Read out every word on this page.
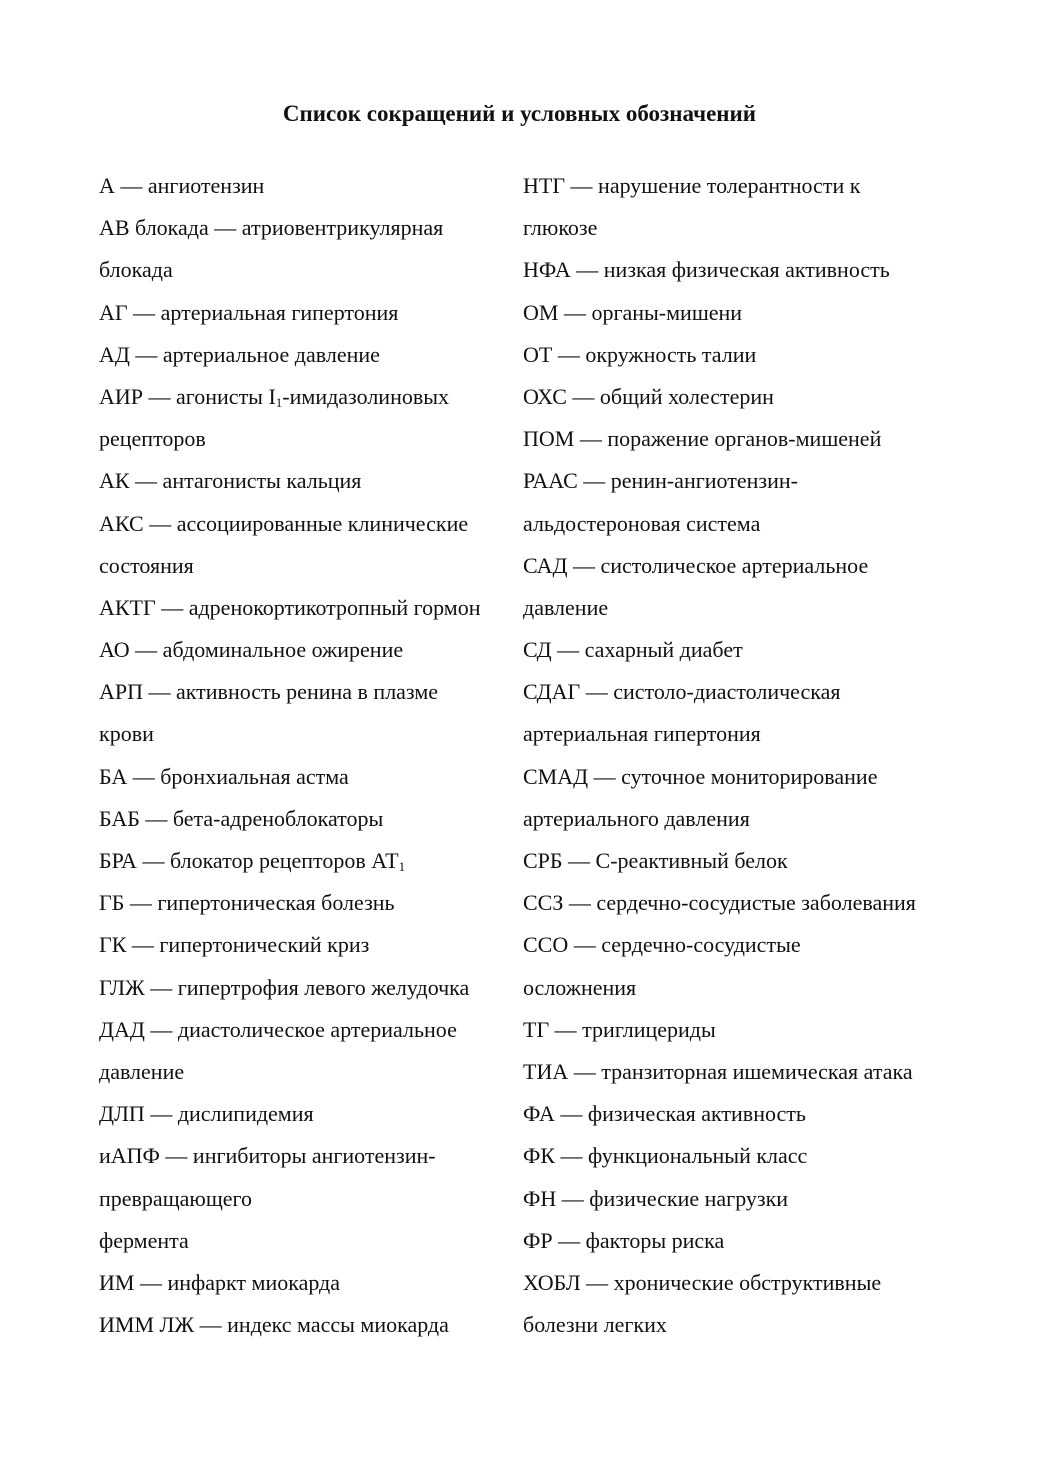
Список сокращений и условных обозначений
А — ангиотензин
АВ блокада — атриовентрикулярная
блокада
АГ — артериальная гипертония
АД — артериальное давление
АИР — агонисты $I_1$-имидазолиновых
рецепторов
АК — антагонисты кальция
АКС — ассоциированные клинические
состояния
АКТГ — адренокортикотропный гормон
АО — абдоминальное ожирение
АРП — активность ренина в плазме
крови
БА — бронхиальная астма
БАБ — бета-адреноблокаторы
БРА — блокатор рецепторов $АТ_1$
ГБ — гипертоническая болезнь
ГК — гипертонический криз
ГЛЖ — гипертрофия левого желудочка
ДАД — диастолическое артериальное
давление
ДЛП — дислипидемия
иАПФ — ингибиторы ангиотензин-
превращающего
фермента
ИМ — инфаркт миокарда
ИММ ЛЖ — индекс массы миокарда
НТГ — нарушение толерантности к
глюкозе
НФА — низкая физическая активность
ОМ — органы-мишени
ОТ — окружность талии
ОХС — общий холестерин
ПОМ — поражение органов-мишеней
РААС — ренин-ангиотензин-
альдостероновая система
САД — систолическое артериальное
давление
СД — сахарный диабет
СДАГ — систоло-диастолическая
артериальная гипертония
СМАД — суточное мониторирование
артериального давления
СРБ — С-реактивный белок
ССЗ — сердечно-сосудистые заболевания
ССО — сердечно-сосудистые
осложнения
ТГ — триглицериды
ТИА — транзиторная ишемическая атака
ФА — физическая активность
ФК — функциональный класс
ФН — физические нагрузки
ФР — факторы риска
ХОБЛ — хронические обструктивные
болезни легких
